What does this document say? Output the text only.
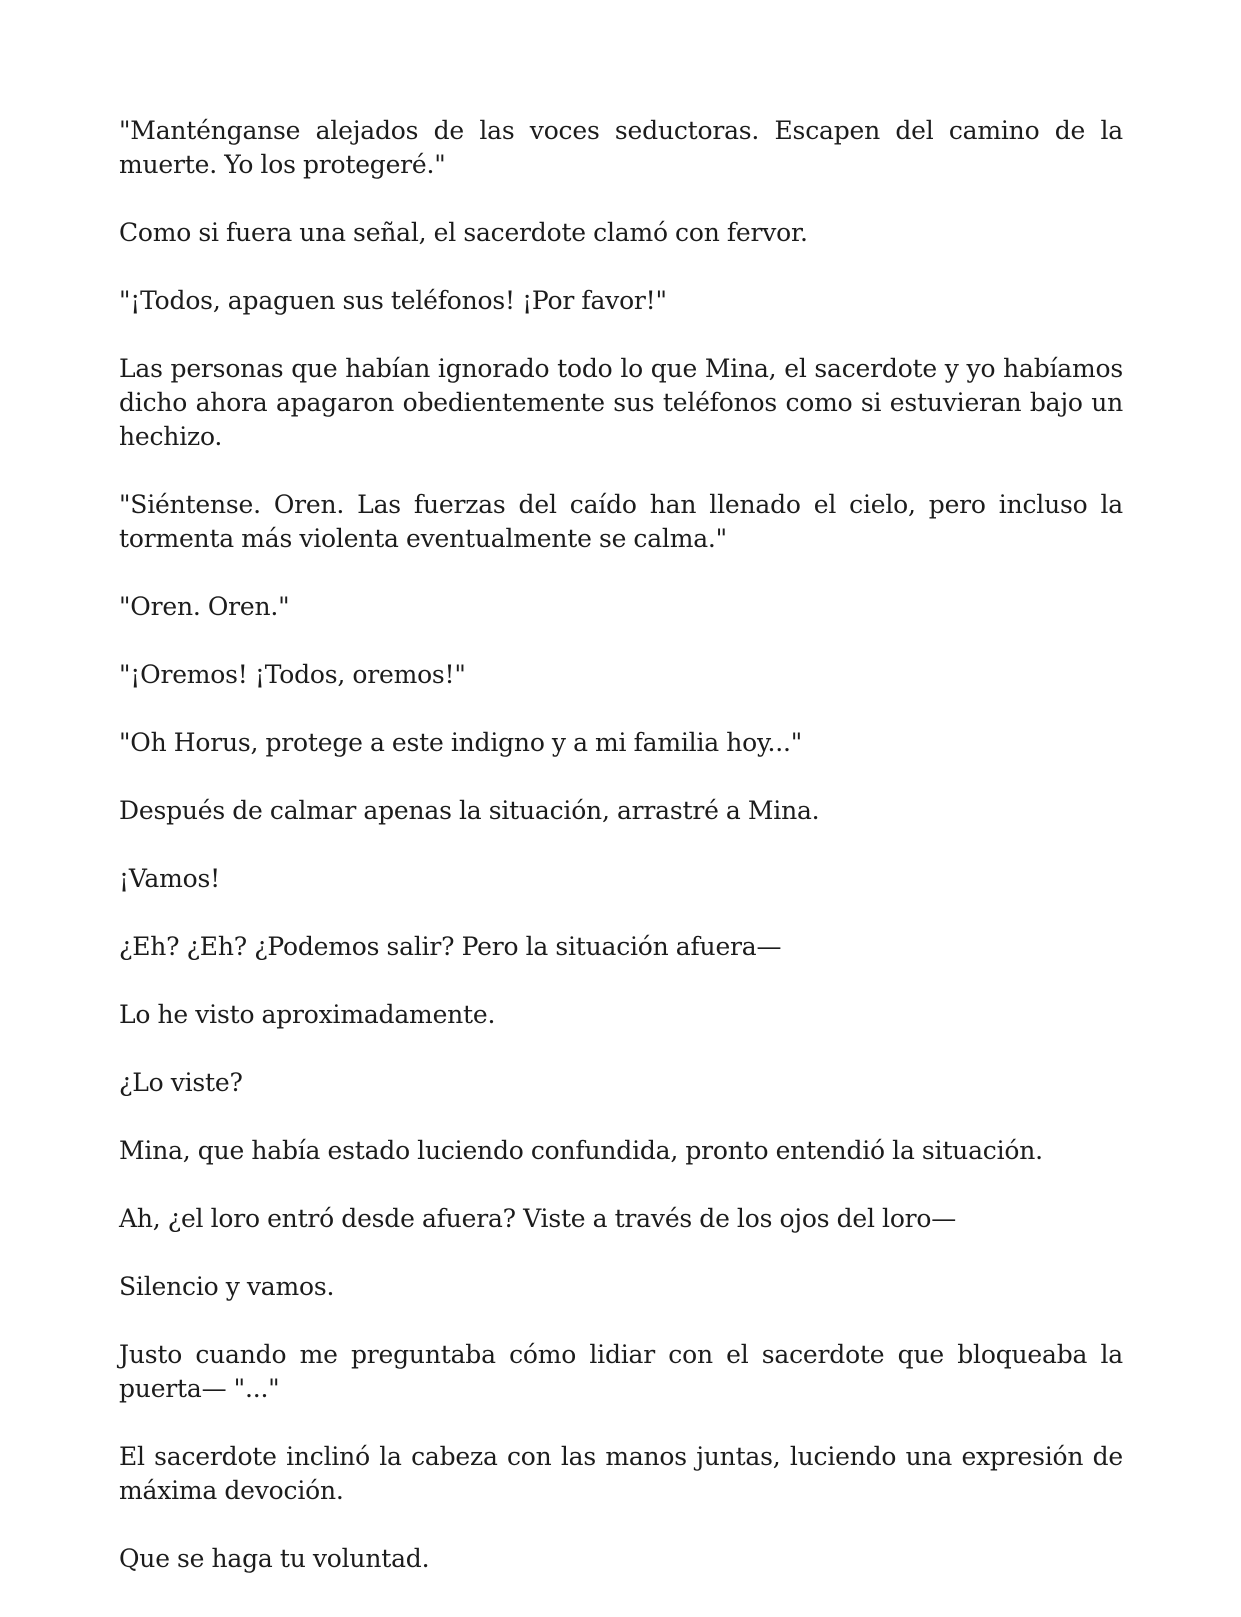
"Manténganse alejados de las voces seductoras. Escapen del camino de la muerte. Yo los protegeré."

Como si fuera una señal, el sacerdote clamó con fervor.

"¡Todos, apaguen sus teléfonos! ¡Por favor!"

Las personas que habían ignorado todo lo que Mina, el sacerdote y yo habíamos dicho ahora apagaron obedientemente sus teléfonos como si estuvieran bajo un hechizo.

"Siéntense. Oren. Las fuerzas del caído han llenado el cielo, pero incluso la tormenta más violenta eventualmente se calma."

"Oren. Oren."

"¡Oremos! ¡Todos, oremos!"

"Oh Horus, protege a este indigno y a mi familia hoy..."

Después de calmar apenas la situación, arrastré a Mina.

¡Vamos!

¿Eh? ¿Eh? ¿Podemos salir? Pero la situación afuera—

Lo he visto aproximadamente.

¿Lo viste?

Mina, que había estado luciendo confundida, pronto entendió la situación.

Ah, ¿el loro entró desde afuera? Viste a través de los ojos del loro—

Silencio y vamos.

Justo cuando me preguntaba cómo lidiar con el sacerdote que bloqueaba la puerta— "..."

El sacerdote inclinó la cabeza con las manos juntas, luciendo una expresión de máxima devoción.

Que se haga tu voluntad.
